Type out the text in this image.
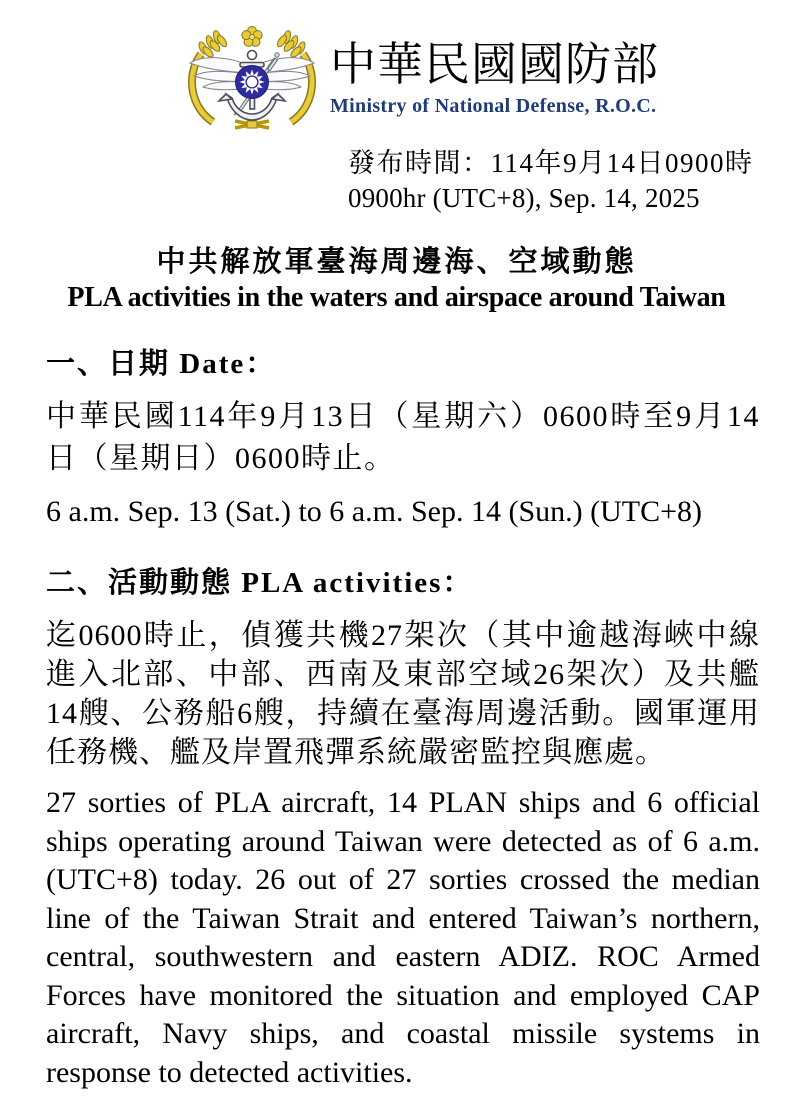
中華民國國防部
Ministry of National Defense, R.O.C.
發布時間：114年9月14日0900時
0900hr (UTC+8), Sep. 14, 2025
中共解放軍臺海周邊海、空域動態
PLA activities in the waters and airspace around Taiwan
一、日期 Date：

中華民國114年9月13日（星期六）0600時至9月14日（星期日）0600時止。

6 a.m. Sep. 13 (Sat.) to 6 a.m. Sep. 14 (Sun.) (UTC+8)

二、活動動態 PLA activities：

迄0600時止，偵獲共機27架次（其中逾越海峽中線進入北部、中部、西南及東部空域26架次）及共艦14艘、公務船6艘，持續在臺海周邊活動。國軍運用任務機、艦及岸置飛彈系統嚴密監控與應處。

27 sorties of PLA aircraft, 14 PLAN ships and 6 official ships operating around Taiwan were detected as of 6 a.m. (UTC+8) today. 26 out of 27 sorties crossed the median line of the Taiwan Strait and entered Taiwan’s northern, central, southwestern and eastern ADIZ. ROC Armed Forces have monitored the situation and employed CAP aircraft, Navy ships, and coastal missile systems in response to detected activities.
